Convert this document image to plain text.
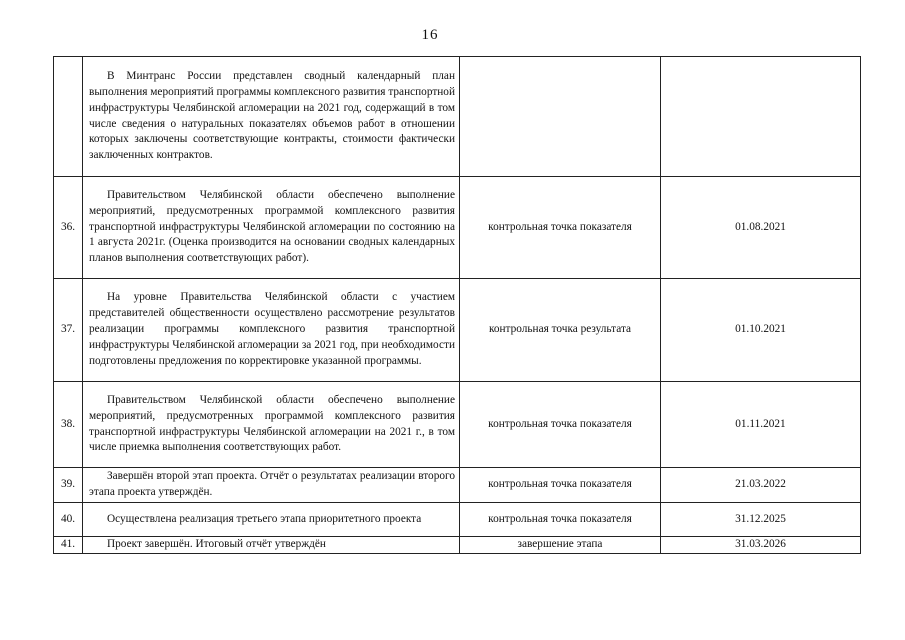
16

	В Минтранс России представлен сводный календарный план выполнения мероприятий программы комплексного развития транспортной инфраструктуры Челябинской агломерации на 2021 год, содержащий в том числе сведения о натуральных показателях объемов работ в отношении которых заключены соответствующие контракты, стоимости фактически заключенных контрактов.		

36.	Правительством Челябинской области обеспечено выполнение мероприятий, предусмотренных программой комплексного развития транспортной инфраструктуры Челябинской агломерации по состоянию на 1 августа 2021г. (Оценка производится на основании сводных календарных планов выполнения соответствующих работ).	контрольная точка показателя	01.08.2021
37.	На уровне Правительства Челябинской области с участием представителей общественности осуществлено рассмотрение результатов реализации программы комплексного развития транспортной инфраструктуры Челябинской агломерации за 2021 год, при необходимости подготовлены предложения по корректировке указанной программы.	контрольная точка результата	01.10.2021
38.	Правительством Челябинской области обеспечено выполнение мероприятий, предусмотренных программой комплексного развития транспортной инфраструктуры Челябинской агломерации на 2021 г., в том числе приемка выполнения соответствующих работ.	контрольная точка показателя	01.11.2021
39.	Завершён второй этап проекта. Отчёт о результатах реализации второго этапа проекта утверждён.	контрольная точка показателя	21.03.2022
40.	Осуществлена реализация третьего этапа приоритетного проекта	контрольная точка показателя	31.12.2025
41.	Проект завершён. Итоговый отчёт утверждён	завершение этапа	31.03.2026
